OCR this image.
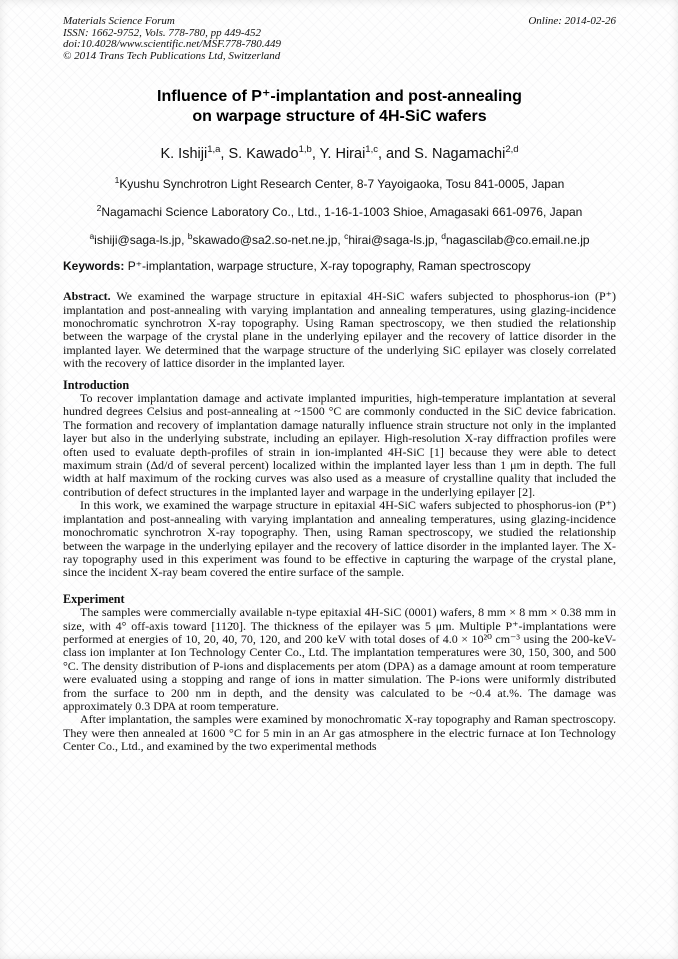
Materials Science Forum
ISSN: 1662-9752, Vols. 778-780, pp 449-452
doi:10.4028/www.scientific.net/MSF.778-780.449
© 2014 Trans Tech Publications Ltd, Switzerland
Online: 2014-02-26
Influence of P⁺-implantation and post-annealing
on warpage structure of 4H-SiC wafers
K. Ishiji$^{1,a}$, S. Kawado$^{1,b}$, Y. Hirai$^{1,c}$, and S. Nagamachi$^{2,d}$
$^1$Kyushu Synchrotron Light Research Center, 8-7 Yayoigaoka, Tosu 841-0005, Japan
$^2$Nagamachi Science Laboratory Co., Ltd., 1-16-1-1003 Shioe, Amagasaki 661-0976, Japan
$^a$ishiji@saga-ls.jp, $^b$skawado@sa2.so-net.ne.jp, $^c$hirai@saga-ls.jp, $^d$nagascilab@co.email.ne.jp
Keywords: P⁺-implantation, warpage structure, X-ray topography, Raman spectroscopy

Abstract. We examined the warpage structure in epitaxial 4H-SiC wafers subjected to phosphorus-ion (P⁺) implantation and post-annealing with varying implantation and annealing temperatures, using glazing-incidence monochromatic synchrotron X-ray topography. Using Raman spectroscopy, we then studied the relationship between the warpage of the crystal plane in the underlying epilayer and the recovery of lattice disorder in the implanted layer. We determined that the warpage structure of the underlying SiC epilayer was closely correlated with the recovery of lattice disorder in the implanted layer.

Introduction

To recover implantation damage and activate implanted impurities, high-temperature implantation at several hundred degrees Celsius and post-annealing at ~1500 °C are commonly conducted in the SiC device fabrication. The formation and recovery of implantation damage naturally influence strain structure not only in the implanted layer but also in the underlying substrate, including an epilayer. High-resolution X-ray diffraction profiles were often used to evaluate depth-profiles of strain in ion-implanted 4H-SiC [1] because they were able to detect maximum strain (Δd/d of several percent) localized within the implanted layer less than 1 μm in depth. The full width at half maximum of the rocking curves was also used as a measure of crystalline quality that included the contribution of defect structures in the implanted layer and warpage in the underlying epilayer [2].

In this work, we examined the warpage structure in epitaxial 4H-SiC wafers subjected to phosphorus-ion (P⁺) implantation and post-annealing with varying implantation and annealing temperatures, using glazing-incidence monochromatic synchrotron X-ray topography. Then, using Raman spectroscopy, we studied the relationship between the warpage in the underlying epilayer and the recovery of lattice disorder in the implanted layer. The X-ray topography used in this experiment was found to be effective in capturing the warpage of the crystal plane, since the incident X-ray beam covered the entire surface of the sample.

Experiment

The samples were commercially available n-type epitaxial 4H-SiC (0001) wafers, 8 mm × 8 mm × 0.38 mm in size, with 4° off-axis toward [112̄0]. The thickness of the epilayer was 5 μm. Multiple P⁺-implantations were performed at energies of 10, 20, 40, 70, 120, and 200 keV with total doses of 4.0 × 10²⁰ cm⁻³ using the 200-keV-class ion implanter at Ion Technology Center Co., Ltd. The implantation temperatures were 30, 150, 300, and 500 °C. The density distribution of P-ions and displacements per atom (DPA) as a damage amount at room temperature were evaluated using a stopping and range of ions in matter simulation. The P-ions were uniformly distributed from the surface to 200 nm in depth, and the density was calculated to be ~0.4 at.%. The damage was approximately 0.3 DPA at room temperature.

After implantation, the samples were examined by monochromatic X-ray topography and Raman spectroscopy. They were then annealed at 1600 °C for 5 min in an Ar gas atmosphere in the electric furnace at Ion Technology Center Co., Ltd., and examined by the two experimental methods
